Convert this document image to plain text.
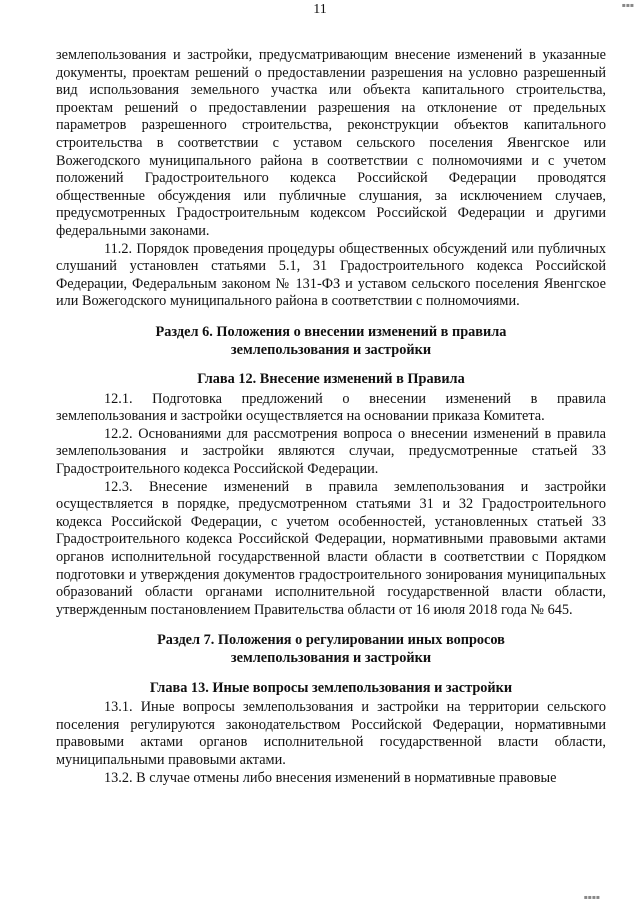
11

землепользования и застройки, предусматривающим внесение изменений в указанные документы, проектам решений о предоставлении разрешения на условно разрешенный вид использования земельного участка или объекта капитального строительства, проектам решений о предоставлении разрешения на отклонение от предельных параметров разрешенного строительства, реконструкции объектов капитального строительства в соответствии с уставом сельского поселения Явенгское или Вожегодского муниципального района в соответствии с полномочиями и с учетом положений Градостроительного кодекса Российской Федерации проводятся общественные обсуждения или публичные слушания, за исключением случаев, предусмотренных Градостроительным кодексом Российской Федерации и другими федеральными законами.

11.2. Порядок проведения процедуры общественных обсуждений или публичных слушаний установлен статьями 5.1, 31 Градостроительного кодекса Российской Федерации, Федеральным законом № 131-ФЗ и уставом сельского поселения Явенгское или Вожегодского муниципального района в соответствии с полномочиями.

Раздел 6. Положения о внесении изменений в правила
землепользования и застройки
Глава 12. Внесение изменений в Правила

12.1. Подготовка предложений о внесении изменений в правила землепользования и застройки осуществляется на основании приказа Комитета.

12.2. Основаниями для рассмотрения вопроса о внесении изменений в правила землепользования и застройки являются случаи, предусмотренные статьей 33 Градостроительного кодекса Российской Федерации.

12.3. Внесение изменений в правила землепользования и застройки осуществляется в порядке, предусмотренном статьями 31 и 32 Градостроительного кодекса Российской Федерации, с учетом особенностей, установленных статьей 33 Градостроительного кодекса Российской Федерации, нормативными правовыми актами органов исполнительной государственной власти области в соответствии с Порядком подготовки и утверждения документов градостроительного зонирования муниципальных образований области органами исполнительной государственной власти области, утвержденным постановлением Правительства области от 16 июля 2018 года № 645.

Раздел 7. Положения о регулировании иных вопросов
землепользования и застройки
Глава 13. Иные вопросы землепользования и застройки

13.1. Иные вопросы землепользования и застройки на территории сельского поселения регулируются законодательством Российской Федерации, нормативными правовыми актами органов исполнительной государственной власти области, муниципальными правовыми актами.

13.2. В случае отмены либо внесения изменений в нормативные правовые

▪▪▪
▪▪▪▪
